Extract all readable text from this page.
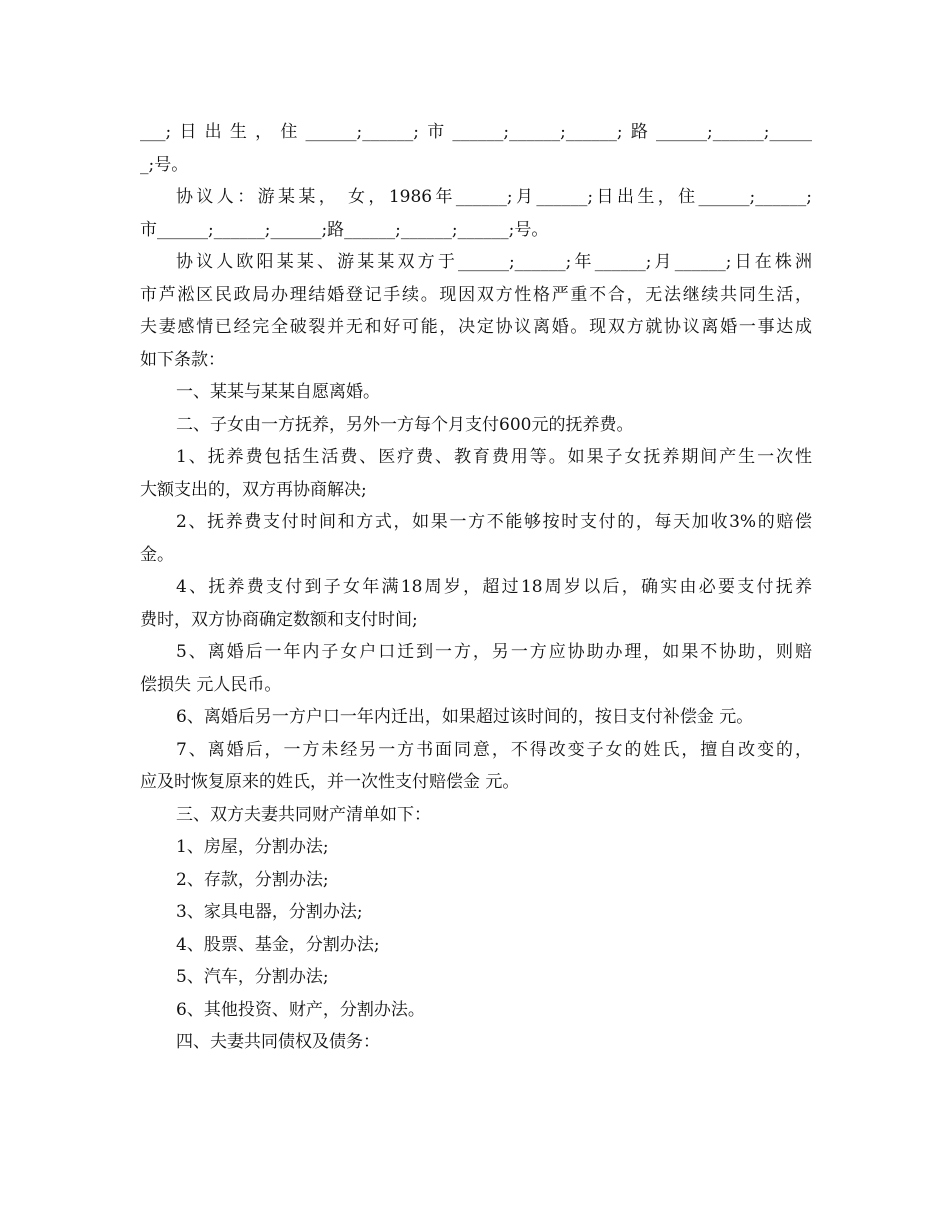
___;日出生，住______;______;市______;______;______;路______;______;_____
_;号。
协议人：游某某， 女，1986年______;月______;日出生，住______;______;
市______;______;______;路______;______;______;号。
协议人欧阳某某、游某某双方于______;______;年______;月______;日在株洲
市芦淞区民政局办理结婚登记手续。现因双方性格严重不合，无法继续共同生活，
夫妻感情已经完全破裂并无和好可能，决定协议离婚。现双方就协议离婚一事达成
如下条款：
一、某某与某某自愿离婚。
二、子女由一方抚养，另外一方每个月支付600元的抚养费。
1、抚养费包括生活费、医疗费、教育费用等。如果子女抚养期间产生一次性
大额支出的，双方再协商解决;
2、抚养费支付时间和方式，如果一方不能够按时支付的，每天加收3%的赔偿
金。
4、抚养费支付到子女年满18周岁，超过18周岁以后，确实由必要支付抚养
费时，双方协商确定数额和支付时间;
5、离婚后一年内子女户口迁到一方，另一方应协助办理，如果不协助，则赔
偿损失 元人民币。
6、离婚后另一方户口一年内迁出，如果超过该时间的，按日支付补偿金 元。
7、离婚后，一方未经另一方书面同意，不得改变子女的姓氏，擅自改变的，
应及时恢复原来的姓氏，并一次性支付赔偿金 元。
三、双方夫妻共同财产清单如下：
1、房屋，分割办法;
2、存款，分割办法;
3、家具电器，分割办法;
4、股票、基金，分割办法;
5、汽车，分割办法;
6、其他投资、财产，分割办法。
四、夫妻共同债权及债务：
